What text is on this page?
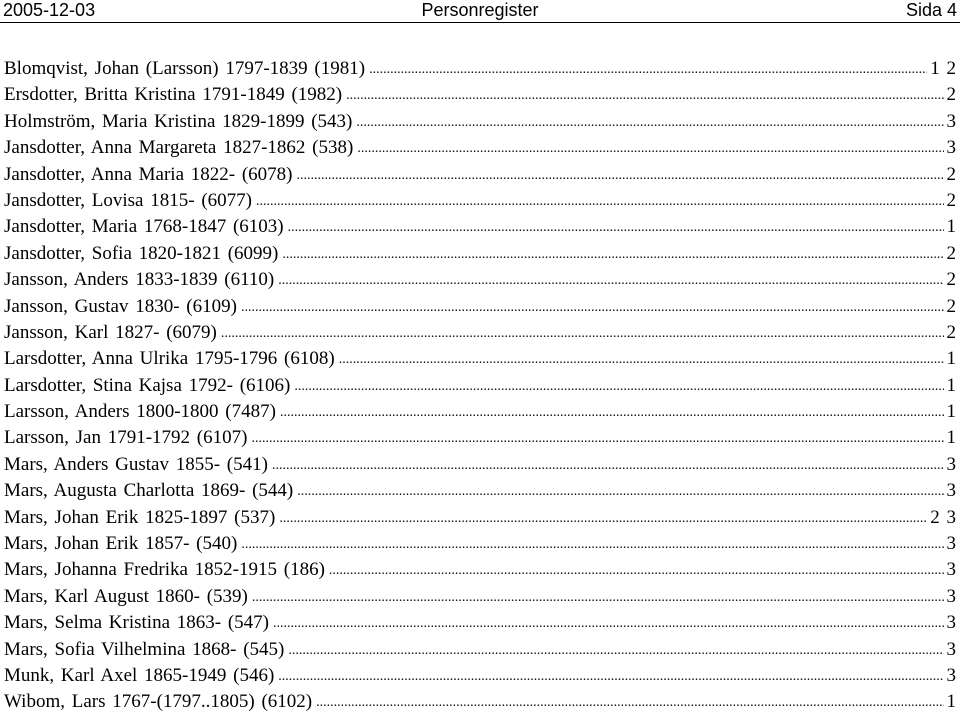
2005-12-03	Personregister	Sida 4
Blomqvist, Johan (Larsson) 1797-1839 (1981) .....	1 2
Ersdotter, Britta Kristina 1791-1849 (1982) .....	2
Holmström, Maria Kristina 1829-1899 (543) .....	3
Jansdotter, Anna Margareta 1827-1862 (538) .....	3
Jansdotter, Anna Maria 1822- (6078) .....	2
Jansdotter, Lovisa 1815- (6077) .....	2
Jansdotter, Maria 1768-1847 (6103) .....	1
Jansdotter, Sofia 1820-1821 (6099) .....	2
Jansson, Anders 1833-1839 (6110) .....	2
Jansson, Gustav 1830- (6109) .....	2
Jansson, Karl 1827- (6079) .....	2
Larsdotter, Anna Ulrika 1795-1796 (6108) .....	1
Larsdotter, Stina Kajsa 1792- (6106) .....	1
Larsson, Anders 1800-1800 (7487) .....	1
Larsson, Jan 1791-1792 (6107) .....	1
Mars, Anders Gustav 1855- (541) .....	3
Mars, Augusta Charlotta 1869- (544) .....	3
Mars, Johan Erik 1825-1897 (537) .....	2 3
Mars, Johan Erik 1857- (540) .....	3
Mars, Johanna Fredrika 1852-1915 (186) .....	3
Mars, Karl August 1860- (539) .....	3
Mars, Selma Kristina 1863- (547) .....	3
Mars, Sofia Vilhelmina 1868- (545) .....	3
Munk, Karl Axel 1865-1949 (546) .....	3
Wibom, Lars 1767-(1797..1805) (6102) .....	1
